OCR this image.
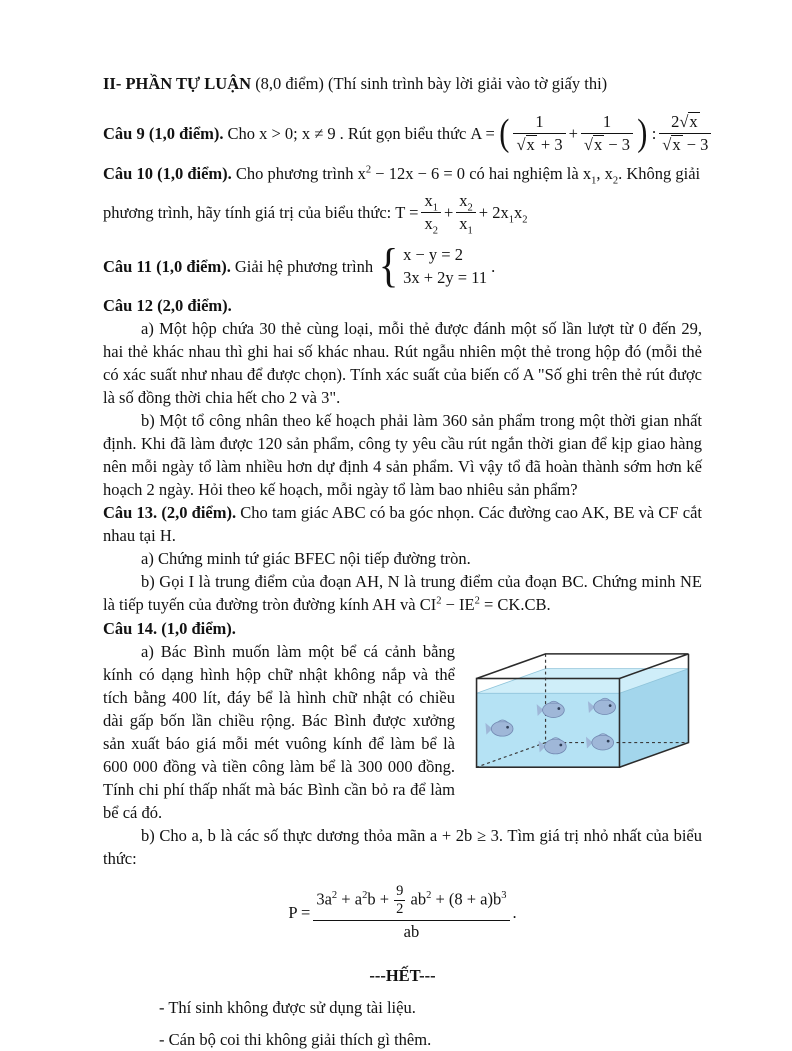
II- PHẦN TỰ LUẬN (8,0 điểm) (Thí sinh trình bày lời giải vào tờ giấy thi)

Câu 9 (1,0 điểm). Cho x > 0; x ≠ 9 . Rút gọn biểu thức A = ( $\frac{1}{√x + 3} + \frac{1}{√x - 3}$ ) : $\frac{2√x}{√x - 3}$

Câu 10 (1,0 điểm). Cho phương trình $x^2 - 12x - 6 = 0$ có hai nghiệm là $x_1$, $x_2$. Không giải

phương trình, hãy tính giá trị của biểu thức: $T = \frac{x_1}{x_2} + \frac{x_2}{x_1} + 2x_1x_2$
Câu 11 (1,0 điểm). Giải hệ phương trình { x − y = 2
3x + 2y = 11
.

Câu 12 (2,0 điểm).

a) Một hộp chứa 30 thẻ cùng loại, mỗi thẻ được đánh một số lần lượt từ 0 đến 29, hai thẻ khác nhau thì ghi hai số khác nhau. Rút ngẫu nhiên một thẻ trong hộp đó (mỗi thẻ có xác suất như nhau để được chọn). Tính xác suất của biến cố A "Số ghi trên thẻ rút được là số đồng thời chia hết cho 2 và 3".

b) Một tổ công nhân theo kế hoạch phải làm 360 sản phẩm trong một thời gian nhất định. Khi đã làm được 120 sản phẩm, công ty yêu cầu rút ngắn thời gian để kịp giao hàng nên mỗi ngày tổ làm nhiều hơn dự định 4 sản phẩm. Vì vậy tổ đã hoàn thành sớm hơn kế hoạch 2 ngày. Hỏi theo kế hoạch, mỗi ngày tổ làm bao nhiêu sản phẩm?

Câu 13. (2,0 điểm). Cho tam giác ABC có ba góc nhọn. Các đường cao AK, BE và CF cắt nhau tại H.

a) Chứng minh tứ giác BFEC nội tiếp đường tròn.

b) Gọi I là trung điểm của đoạn AH, N là trung điểm của đoạn BC. Chứng minh NE là tiếp tuyến của đường tròn đường kính AH và $CI^2 - IE^2 = CK.CB$.

Câu 14. (1,0 điểm).

a) Bác Bình muốn làm một bể cá cảnh bằng kính có dạng hình hộp chữ nhật không nắp và thể tích bằng 400 lít, đáy bể là hình chữ nhật có chiều dài gấp bốn lần chiều rộng. Bác Bình được xưởng sản xuất báo giá mỗi mét vuông kính để làm bể là 600 000 đồng và tiền công làm bể là 300 000 đồng. Tính chi phí thấp nhất mà bác Bình cần bỏ ra để làm bể cá đó.

b) Cho a, b là các số thực dương thỏa mãn a + 2b ≥ 3. Tìm giá trị nhỏ nhất của biểu thức:

$P = \frac{3a^2 + a^2b + \frac{9}{2} ab^2 + (8 + a)b^3}{ab}$ .

---HẾT---

- Thí sinh không được sử dụng tài liệu.

- Cán bộ coi thi không giải thích gì thêm.
